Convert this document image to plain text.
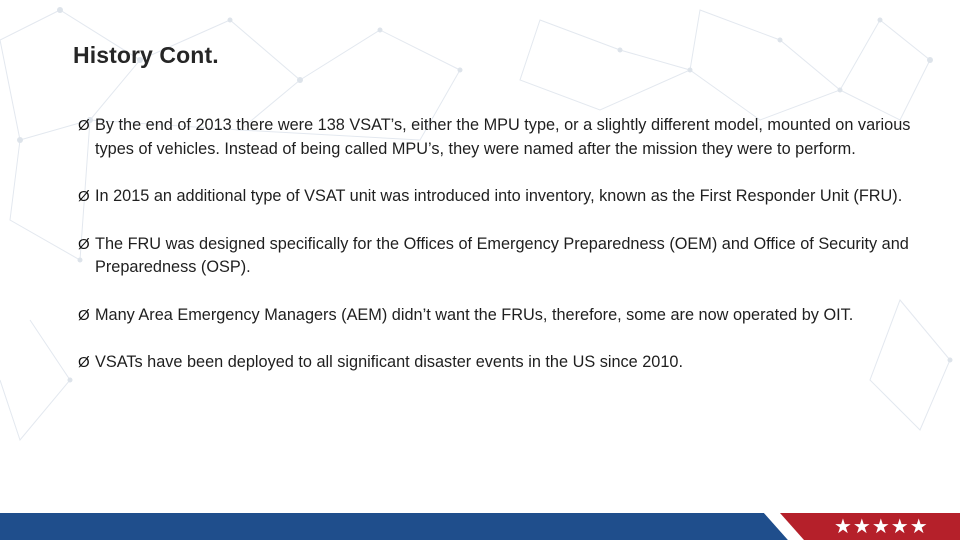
History Cont.
Ø By the end of 2013 there were 138 VSAT’s, either the MPU type, or a slightly different model, mounted on various types of vehicles. Instead of being called MPU’s, they were named after the mission they were to perform.
Ø In 2015 an additional type of VSAT unit was introduced into inventory, known as the First Responder Unit (FRU).
Ø The FRU was designed specifically for the Offices of Emergency Preparedness (OEM) and Office of Security and Preparedness (OSP).
Ø Many Area Emergency Managers (AEM) didn’t want the FRUs, therefore, some are now operated by OIT.
Ø VSATs have been deployed to all significant disaster events in the US since 2010.
★★★★★
